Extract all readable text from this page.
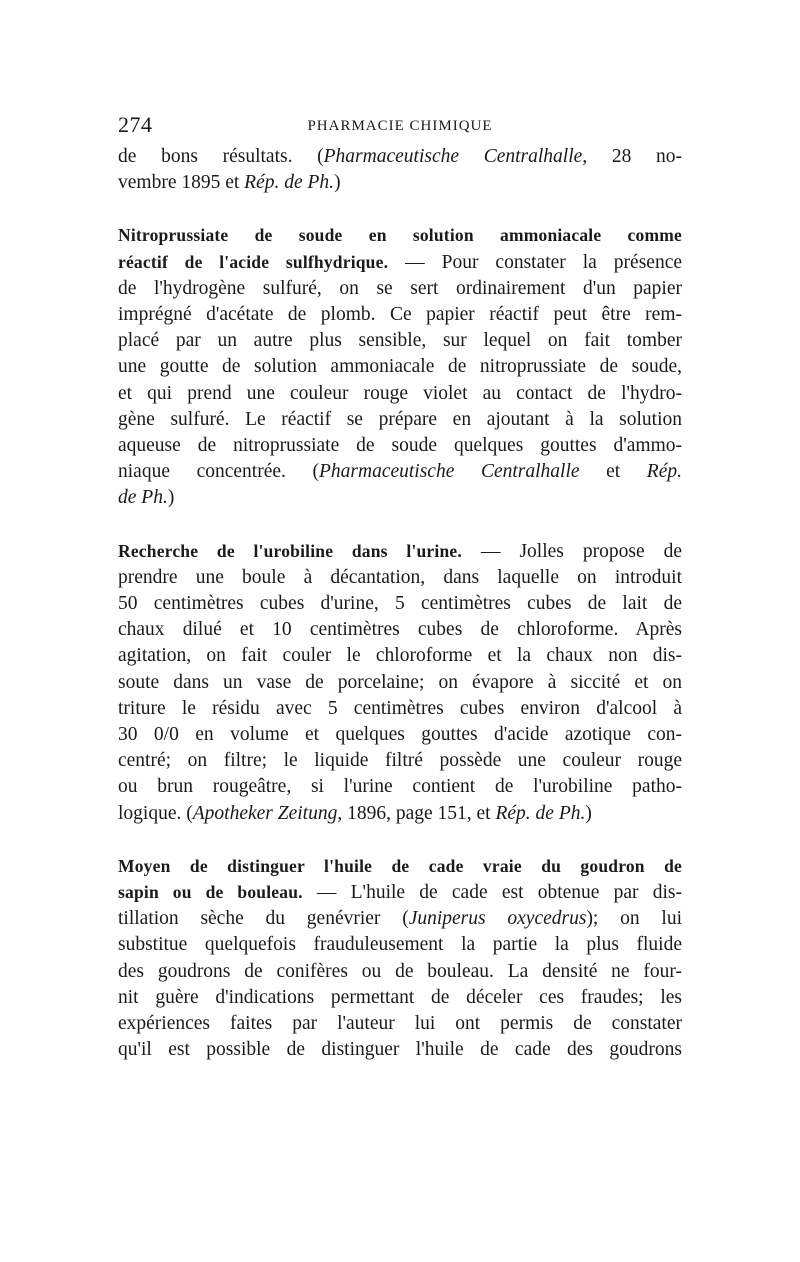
274	PHARMACIE CHIMIQUE
de bons résultats. (Pharmaceutische Centralhalle, 28 no-
vembre 1895 et Rép. de Ph.)
Nitroprussiate de soude en solution ammoniacale comme
réactif de l'acide sulfhydrique. — Pour constater la présence
de l'hydrogène sulfuré, on se sert ordinairement d'un papier
imprégné d'acétate de plomb. Ce papier réactif peut être rem-
placé par un autre plus sensible, sur lequel on fait tomber
une goutte de solution ammoniacale de nitroprussiate de soude,
et qui prend une couleur rouge violet au contact de l'hydro-
gène sulfuré. Le réactif se prépare en ajoutant à la solution
aqueuse de nitroprussiate de soude quelques gouttes d'ammo-
niaque concentrée. (Pharmaceutische Centralhalle et Rép.
de Ph.)
Recherche de l'urobiline dans l'urine. — Jolles propose de
prendre une boule à décantation, dans laquelle on introduit
50 centimètres cubes d'urine, 5 centimètres cubes de lait de
chaux dilué et 10 centimètres cubes de chloroforme. Après
agitation, on fait couler le chloroforme et la chaux non dis-
soute dans un vase de porcelaine; on évapore à siccité et on
triture le résidu avec 5 centimètres cubes environ d'alcool à
30 0/0 en volume et quelques gouttes d'acide azotique con-
centré; on filtre; le liquide filtré possède une couleur rouge
ou brun rougeâtre, si l'urine contient de l'urobiline patho-
logique. (Apotheker Zeitung, 1896, page 151, et Rép. de Ph.)
Moyen de distinguer l'huile de cade vraie du goudron de
sapin ou de bouleau. — L'huile de cade est obtenue par dis-
tillation sèche du genévrier (Juniperus oxycedrus); on lui
substitue quelquefois frauduleusement la partie la plus fluide
des goudrons de conifères ou de bouleau. La densité ne four-
nit guère d'indications permettant de déceler ces fraudes; les
expériences faites par l'auteur lui ont permis de constater
qu'il est possible de distinguer l'huile de cade des goudrons
